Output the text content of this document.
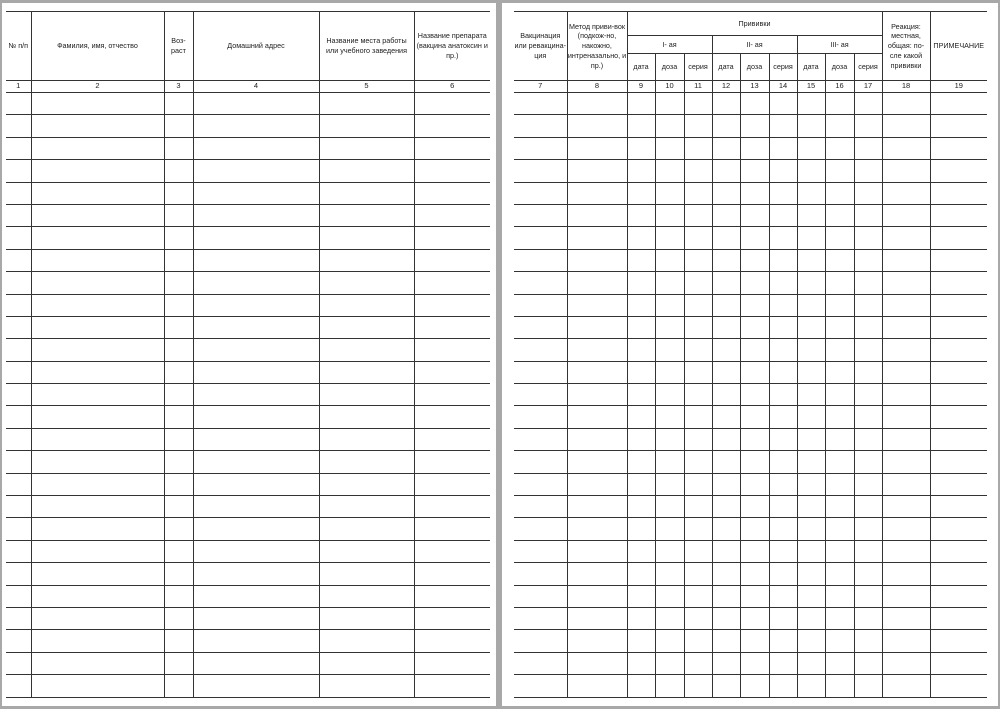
№ п/п	Фамилия, имя, отчество	Воз-раст	Домашний адрес	Название места работы или учебного заведения	Название препарата (вакцина анатоксин и пр.)
1	2	3	4	5	6

Вакцинация или ревакцина-ция	Метод приви-вок (подкож-но, накожно, интреназально, и пр.)	Прививки									Реакция: местная, общая: по-сле какой прививки	ПРИМЕЧАНИЕ
		I- ая			II- ая			III- ая				
		дата	доза	серия	дата	доза	серия	дата	доза	серия		
7	8	9	10	11	12	13	14	15	16	17	18	19
